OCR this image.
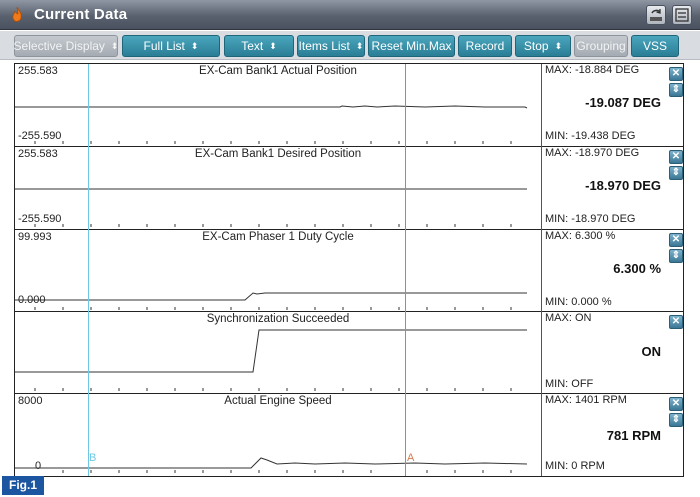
Current Data
Selective Display ⬍ Full List ⬍	Text ⬍ Items List ⬍ Reset Min.Max Record Stop ⬍ Grouping VSS
255.583	EX-Cam Bank1 Actual Position	MAX: -18.884 DEG
-19.087 DEG
-255.590	MIN: -19.438 DEG
✕
⇕
255.583	EX-Cam Bank1 Desired Position	MAX: -18.970 DEG
-18.970 DEG
-255.590	MIN: -18.970 DEG
✕
⇕
99.993	EX-Cam Phaser 1 Duty Cycle	MAX: 6.300 %
6.300 %
0.000	MIN: 0.000 %
✕
⇕
Synchronization Succeeded	MAX: ON
ON
MIN: OFF
✕
8000	Actual Engine Speed	MAX: 1401 RPM
781 RPM
0	MIN: 0 RPM
✕
⇕
B	A
Fig.1
